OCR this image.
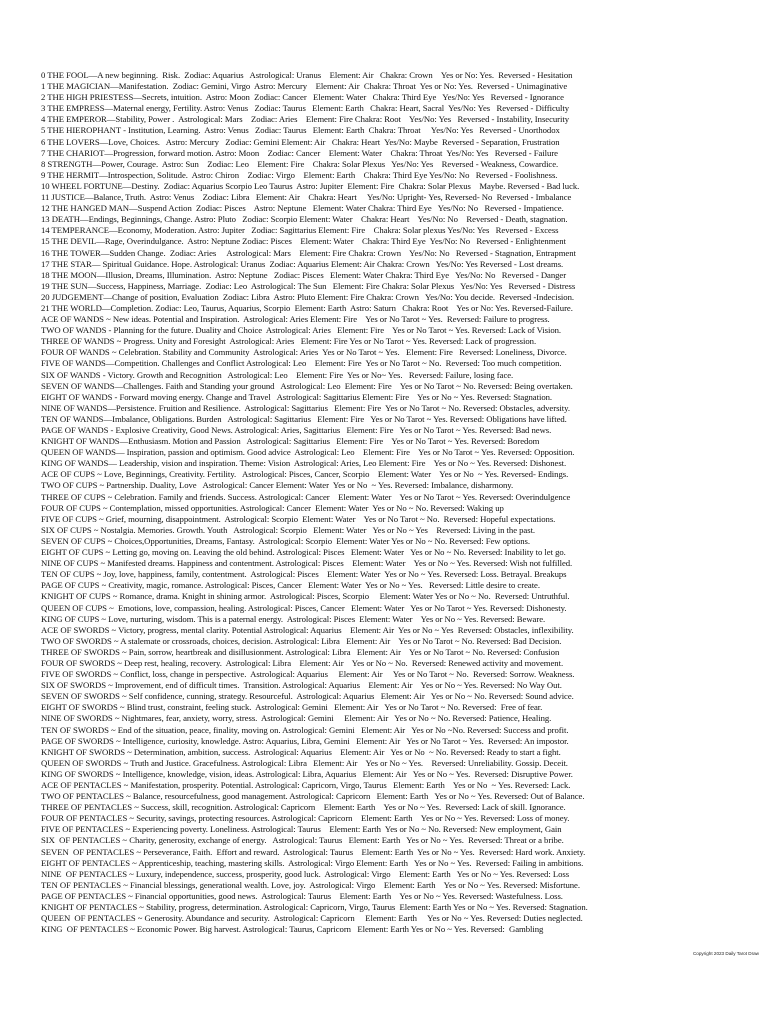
0 THE FOOL—A new beginning.  Risk.  Zodiac: Aquarius   Astrological: Uranus    Element: Air   Chakra: Crown    Yes or No: Yes.  Reversed - Hesitation
1 THE MAGICIAN—Manifestation.  Zodiac: Gemini, Virgo  Astro: Mercury    Element: Air  Chakra: Throat  Yes or No: Yes.  Reversed - Unimaginative
2 THE HIGH PRIESTESS—Secrets, intuition.  Astro: Moon  Zodiac: Cancer   Element: Water   Chakra: Third Eye   Yes/No: Yes   Reversed - Ignorance
3 THE EMPRESS—Maternal energy, Fertility. Astro: Venus   Zodiac: Taurus   Element: Earth   Chakra: Heart, Sacral  Yes/No: Yes   Reversed - Difficulty
4 THE EMPEROR—Stability, Power .  Astrological: Mars    Zodiac: Aries    Element: Fire Chakra: Root    Yes/No: Yes   Reversed - Instability, Insecurity
5 THE HIEROPHANT - Institution, Learning.  Astro: Venus   Zodiac: Taurus   Element: Earth  Chakra: Throat     Yes/No: Yes   Reversed - Unorthodox
6 THE LOVERS—Love, Choices.   Astro: Mercury   Zodiac: Gemini Element: Air   Chakra: Heart  Yes/No: Maybe  Reversed - Separation, Frustration
7 THE CHARIOT—Progression, forward motion. Astro: Moon    Zodiac: Cancer    Element: Water    Chakra: Throat  Yes/No: Yes   Reversed - Failure
8 STRENGTH—Power, Courage.  Astro: Sun    Zodiac: Leo    Element: Fire    Chakra: Solar Plexus   Yes/No: Yes    Reversed - Weakness, Cowardice.
9 THE HERMIT—Introspection, Solitude.  Astro: Chiron    Zodiac: Virgo    Element: Earth    Chakra: Third Eye Yes/No: No   Reversed - Foolishness.
10 WHEEL FORTUNE—Destiny.  Zodiac: Aquarius Scorpio Leo Taurus  Astro: Jupiter  Element: Fire  Chakra: Solar Plexus    Maybe. Reversed - Bad luck.
11 JUSTICE—Balance, Truth.  Astro: Venus    Zodiac: Libra   Element: Air    Chakra: Heart     Yes/No: Upright- Yes, Reversed- No  Reversed - Imbalance
12 THE HANGED MAN—Suspend Action  Zodiac: Pisces    Astro: Neptune   Element: Water Chakra: Third Eye   Yes/No: No   Reversed - Impatience.
13 DEATH—Endings, Beginnings, Change. Astro: Pluto   Zodiac: Scorpio Element: Water    Chakra: Heart    Yes/No: No    Reversed - Death, stagnation.
14 TEMPERANCE—Economy, Moderation. Astro: Jupiter   Zodiac: Sagittarius Element: Fire    Chakra: Solar plexus Yes/No: Yes   Reversed - Excess
15 THE DEVIL—Rage, Overindulgance.  Astro: Neptune Zodiac: Pisces    Element: Water    Chakra: Third Eye  Yes/No: No   Reversed - Enlightenment
16 THE TOWER—Sudden Change.  Zodiac: Aries     Astrological: Mars    Element: Fire Chakra: Crown    Yes/No: No   Reversed - Stagnation, Entrapment
17 THE STAR— Spiritual Guidance. Hope. Astrological: Uranus  Zodiac: Aquarius Element: Air Chakra: Crown   Yes/No: Yes Reversed - Lost dreams.
18 THE MOON—Illusion, Dreams, Illumination.  Astro: Neptune   Zodiac: Pisces   Element: Water Chakra: Third Eye   Yes/No: No   Reversed - Danger
19 THE SUN—Success, Happiness, Marriage.  Zodiac: Leo  Astrological: The Sun   Element: Fire Chakra: Solar Plexus   Yes/No: Yes   Reversed - Distress
20 JUDGEMENT—Change of position, Evaluation  Zodiac: Libra  Astro: Pluto Element: Fire Chakra: Crown   Yes/No: You decide.  Reversed -Indecision.
21 THE WORLD—Completion. Zodiac: Leo, Taurus, Aquarius, Scorpio  Element: Earth  Astro: Saturn   Chakra: Root    Yes or No: Yes. Reversed-Failure.
ACE OF WANDS ~ New ideas. Potential and Inspiration.  Astrological: Aries Element: Fire    Yes or No Tarot ~ Yes.  Reversed: Failure to progress.
TWO OF WANDS - Planning for the future. Duality and Choice  Astrological: Aries   Element: Fire    Yes or No Tarot ~ Yes. Reversed: Lack of Vision.
THREE OF WANDS ~ Progress. Unity and Foresight  Astrological: Aries   Element: Fire Yes or No Tarot ~ Yes. Reversed: Lack of progression.
FOUR OF WANDS ~ Celebration. Stability and Community  Astrological: Aries  Yes or No Tarot ~ Yes.   Element: Fire   Reversed: Loneliness, Divorce.
FIVE OF WANDS—Competition. Challenges and Conflict Astrological: Leo    Element: Fire  Yes or No Tarot ~ No.  Reversed: Too much competition.
SIX OF WANDS - Victory. Growth and Recognition   Astrological: Leo    Element: Fire  Yes or No~ Yes.   Reversed: Failure, losing face.
SEVEN OF WANDS—Challenges. Faith and Standing your ground   Astrological: Leo  Element: Fire    Yes or No Tarot ~ No. Reversed: Being overtaken.
EIGHT OF WANDS - Forward moving energy. Change and Travel   Astrological: Sagittarius Element: Fire    Yes or No ~ Yes. Reversed: Stagnation.
NINE OF WANDS—Persistence. Fruition and Resilience.  Astrological: Sagittarius   Element: Fire  Yes or No Tarot ~ No. Reversed: Obstacles, adversity.
TEN OF WANDS—Imbalance, Obligations. Burden   Astrological: Sagittarius   Element: Fire   Yes or No Tarot ~ Yes. Reversed: Obligations have lifted.
PAGE OF WANDS - Explosive Creativity, Good News. Astrological: Aries, Sagittarius   Element: Fire   Yes or No Tarot ~ Yes. Reversed: Bad news.
KNIGHT OF WANDS—Enthusiasm. Motion and Passion   Astrological: Sagittarius   Element: Fire    Yes or No Tarot ~ Yes. Reversed: Boredom
QUEEN OF WANDS— Inspiration, passion and optimism. Good advice  Astrological: Leo    Element: Fire    Yes or No Tarot ~ Yes. Reversed: Opposition.
KING OF WANDS— Leadership, vision and inspiration. Theme: Vision  Astrological: Aries, Leo Element: Fire    Yes or No ~ Yes. Reversed: Dishonest.
ACE OF CUPS ~ Love, Beginnings, Creativity. Fertility.   Astrological: Pisces, Cancer, Scorpio    Element: Water    Yes or No  ~ Yes. Reversed- Endings.
TWO OF CUPS ~ Partnership. Duality, Love   Astrological: Cancer Element: Water  Yes or No  ~ Yes. Reversed: Imbalance, disharmony.
THREE OF CUPS ~ Celebration. Family and friends. Success. Astrological: Cancer    Element: Water    Yes or No Tarot ~ Yes. Reversed: Overindulgence
FOUR OF CUPS ~ Contemplation, missed opportunities. Astrological: Cancer  Element: Water  Yes or No ~ No. Reversed: Waking up
FIVE OF CUPS ~ Grief, mourning, disappointment.  Astrological: Scorpio  Element: Water    Yes or No Tarot ~ No.  Reversed: Hopeful expectations.
SIX OF CUPS ~ Nostalgia. Memories. Growth. Youth   Astrological: Scorpio   Element: Water   Yes or No ~ Yes    Reversed: Living in the past.
SEVEN OF CUPS ~ Choices,Opportunities, Dreams, Fantasy.  Astrological: Scorpio  Element: Water Yes or No ~ No. Reversed: Few options.
EIGHT OF CUPS ~ Letting go, moving on. Leaving the old behind. Astrological: Pisces   Element: Water   Yes or No ~ No. Reversed: Inability to let go.
NINE OF CUPS ~ Manifested dreams. Happiness and contentment. Astrological: Pisces    Element: Water    Yes or No ~ Yes. Reversed: Wish not fulfilled.
TEN OF CUPS ~ Joy, love, happiness, family, contentment.  Astrological: Pisces    Element: Water  Yes or No ~ Yes. Reversed: Loss. Betrayal. Breakups
PAGE OF CUPS ~ Creativity, magic, romance. Astrological: Pisces, Cancer   Element: Water  Yes or No ~ Yes.   Reversed: Little desire to create.
KNIGHT OF CUPS ~ Romance, drama. Knight in shining armor.  Astrological: Pisces, Scorpio     Element: Water Yes or No ~ No.  Reversed: Untruthful.
QUEEN OF CUPS ~  Emotions, love, compassion, healing. Astrological: Pisces, Cancer   Element: Water   Yes or No Tarot ~ Yes. Reversed: Dishonesty.
KING OF CUPS ~ Love, nurturing, wisdom. This is a paternal energy.  Astrological: Pisces  Element: Water    Yes or No ~ Yes. Reversed: Beware.
ACE OF SWORDS ~ Victory, progress, mental clarity. Potential Astrological: Aquarius    Element: Air  Yes or No ~ Yes  Reversed: Obstacles, inflexibility.
TWO OF SWORDS ~ A stalemate or crossroads, choices, decision. Astrological: Libra   Element: Air    Yes or No Tarot ~ No. Reversed: Bad Decision.
THREE OF SWORDS ~ Pain, sorrow, heartbreak and disillusionment. Astrological: Libra   Element: Air    Yes or No Tarot ~ No. Reversed: Confusion
FOUR OF SWORDS ~ Deep rest, healing, recovery.  Astrological: Libra    Element: Air    Yes or No ~ No.  Reversed: Renewed activity and movement.
FIVE OF SWORDS ~ Conflict, loss, change in perspective.  Astrological: Aquarius     Element: Air     Yes or No Tarot ~ No.  Reversed: Sorrow. Weakness.
SIX OF SWORDS ~ Improvement, end of difficult times.  Transition. Astrological: Aquarius    Element: Air    Yes or No ~ Yes. Reversed: No Way Out.
SEVEN OF SWORDS ~ Self confidence, cunning, strategy. Resourceful.  Astrological: Aquarius   Element: Air   Yes or No ~ No. Reversed: Sound advice.
EIGHT OF SWORDS ~ Blind trust, constraint, feeling stuck.  Astrological: Gemini   Element: Air   Yes or No Tarot ~ No. Reversed:  Free of fear.
NINE OF SWORDS ~ Nightmares, fear, anxiety, worry, stress.  Astrological: Gemini     Element: Air   Yes or No ~ No. Reversed: Patience, Healing.
TEN OF SWORDS ~ End of the situation, peace, finality, moving on. Astrological: Gemini   Element: Air   Yes or No ~No. Reversed: Success and profit.
PAGE OF SWORDS ~ Intelligence, curiosity, knowledge. Astro: Aquarius, Libra, Gemini   Element: Air   Yes or No Tarot ~ Yes.  Reversed: An impostor.
KNIGHT OF SWORDS ~ Determination, ambition, success.  Astrological: Aquarius    Element: Air   Yes or No  ~ No. Reversed: Ready to start a fight.
QUEEN OF SWORDS ~ Truth and Justice. Gracefulness. Astrological: Libra   Element: Air    Yes or No ~ Yes.    Reversed: Unreliability. Gossip. Deceit.
KING OF SWORDS ~ Intelligence, knowledge, vision, ideas. Astrological: Libra, Aquarius   Element: Air   Yes or No ~ Yes.  Reversed: Disruptive Power.
ACE OF PENTACLES ~ Manifestation, prosperity. Potential. Astrological: Capricorn, Virgo, Taurus   Element: Earth    Yes or No  ~ Yes. Reversed: Lack.
TWO OF PENTACLES ~ Balance, resourcefulness, good management. Astrological: Capricorn   Element: Earth   Yes or No ~ Yes. Reversed: Out of Balance.
THREE OF PENTACLES ~ Success, skill, recognition. Astrological: Capricorn    Element: Earth    Yes or No ~ Yes.  Reversed: Lack of skill. Ignorance.
FOUR OF PENTACLES ~ Security, savings, protecting resources. Astrological: Capricorn    Element: Earth    Yes or No ~ Yes. Reversed: Loss of money.
FIVE OF PENTACLES ~ Experiencing poverty. Loneliness. Astrological: Taurus    Element: Earth  Yes or No ~ No. Reversed: New employment, Gain
SIX  OF PENTACLES ~ Charity, generosity, exchange of energy.   Astrological: Taurus   Element: Earth   Yes or No ~ Yes.  Reversed: Threat or a bribe.
SEVEN  OF PENTACLES ~ Perseverance, Faith.  Effort and reward.  Astrological: Taurus    Element: Earth  Yes or No ~ Yes.  Reversed: Hard work. Anxiety.
EIGHT OF PENTACLES ~ Apprenticeship, teaching, mastering skills.  Astrological: Virgo Element: Earth   Yes or No ~ Yes.  Reversed: Failing in ambitions.
NINE  OF PENTACLES ~ Luxury, independence, success, prosperity, good luck.  Astrological: Virgo    Element: Earth   Yes or No ~ Yes. Reversed: Loss
TEN OF PENTACLES ~ Financial blessings, generational wealth. Love, joy.  Astrological: Virgo    Element: Earth    Yes or No ~ Yes. Reversed: Misfortune.
PAGE OF PENTACLES ~ Financial opportunities, good news.  Astrological: Taurus    Element: Earth    Yes or No ~ Yes. Reversed: Wastefulness. Loss.
KNIGHT OF PENTACLES ~ Stability, progress, determination. Astrological: Capricorn, Virgo, Taurus  Element: Earth Yes or No ~ Yes. Reversed: Stagnation.
QUEEN  OF PENTACLES ~ Generosity. Abundance and security.  Astrological: Capricorn     Element: Earth     Yes or No ~ Yes. Reversed: Duties neglected.
KING  OF PENTACLES ~ Economic Power. Big harvest. Astrological: Taurus, Capricorn   Element: Earth Yes or No ~ Yes. Reversed:  Gambling
Copyright 2023 Daily Tarot Draw
